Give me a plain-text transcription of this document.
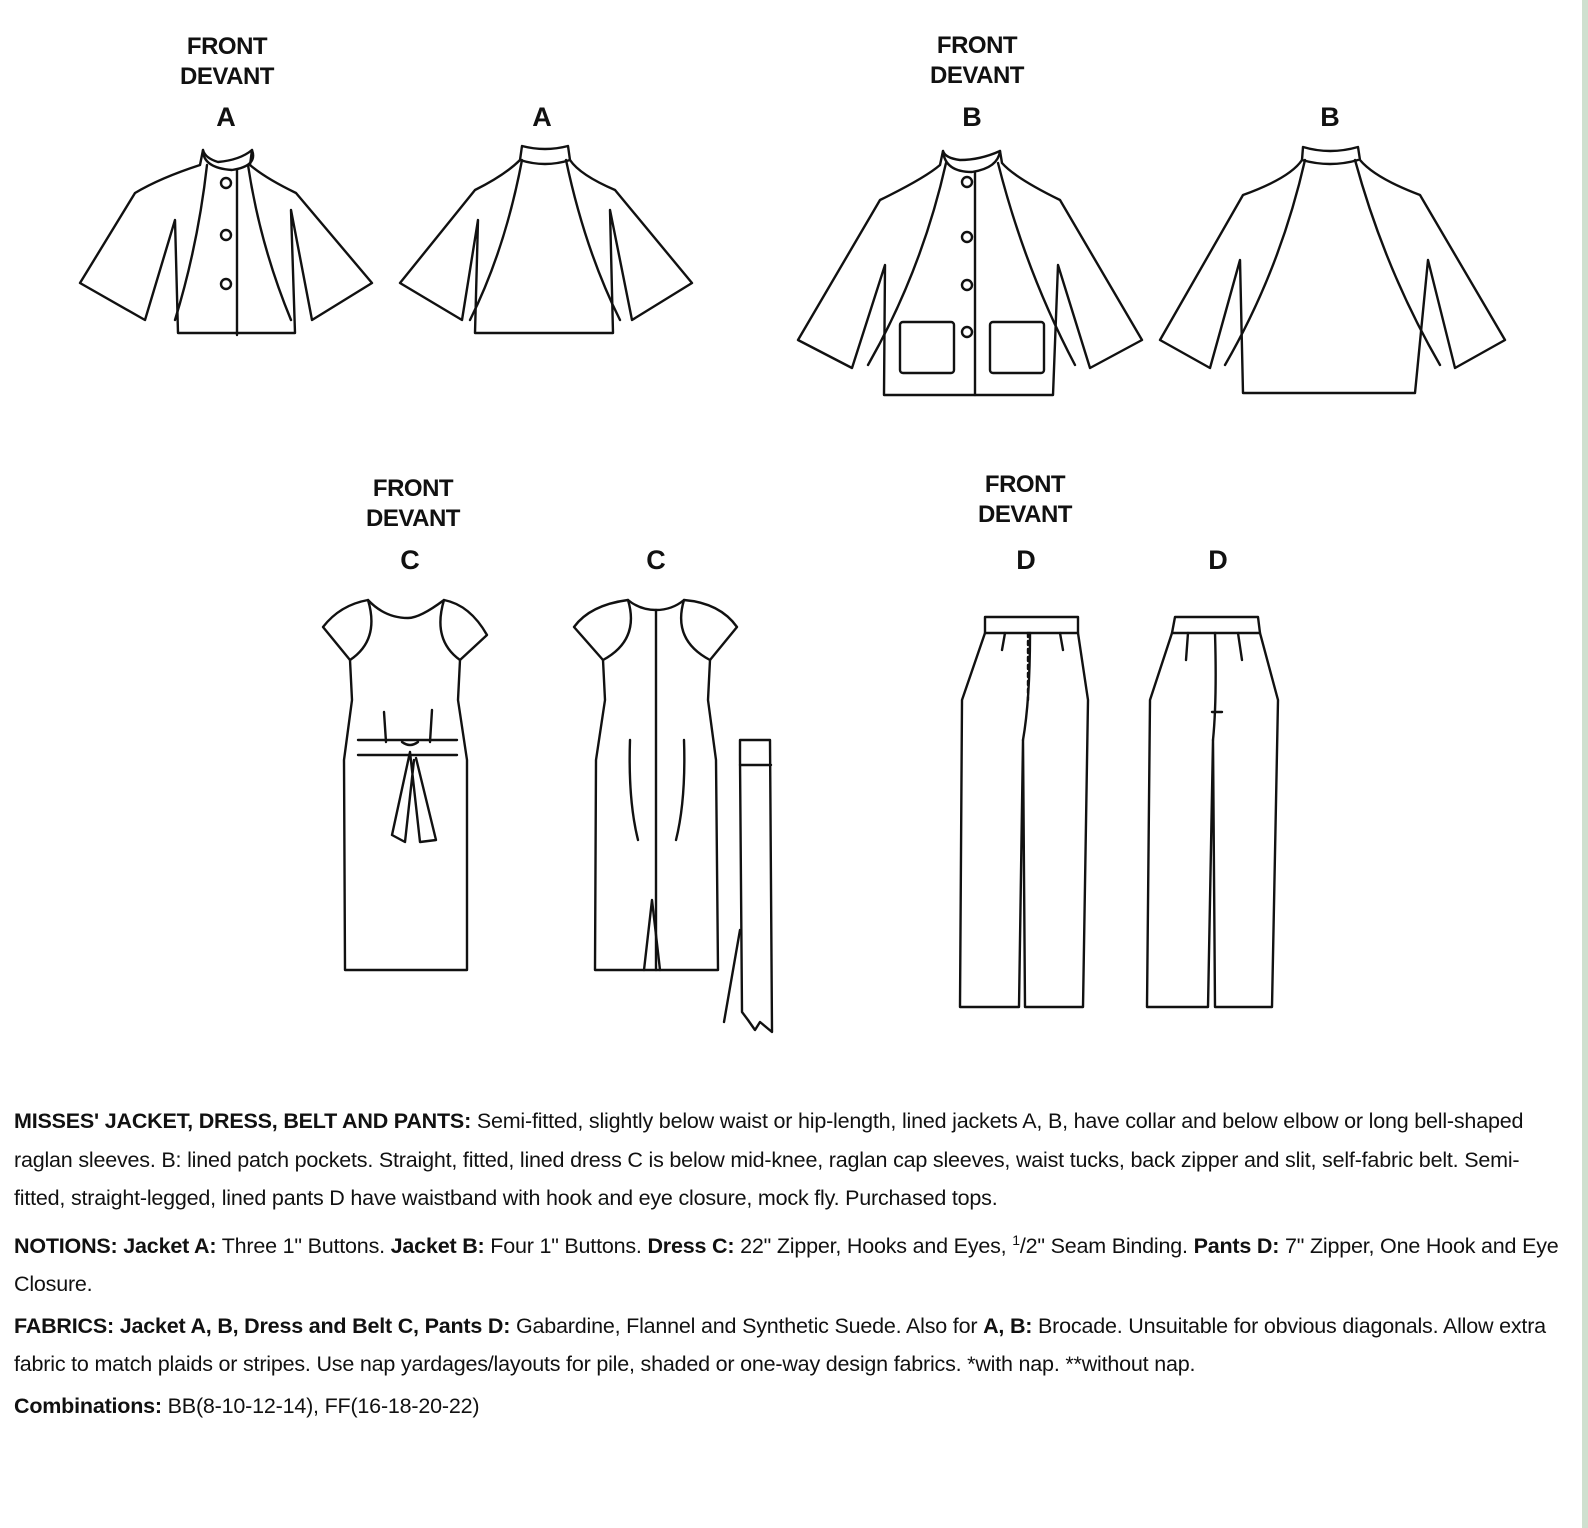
FRONT
DEVANT
A	A
FRONT
DEVANT
B	B
FRONT
DEVANT
C	C
FRONT
DEVANT
D	D

MISSES' JACKET, DRESS, BELT AND PANTS: Semi-fitted, slightly below waist or hip-length, lined jackets A, B, have collar and below elbow or long bell-shaped raglan sleeves. B: lined patch pockets. Straight, fitted, lined dress C is below mid-knee, raglan cap sleeves, waist tucks, back zipper and slit, self-fabric belt. Semi-fitted, straight-legged, lined pants D have waistband with hook and eye closure, mock fly. Purchased tops.

NOTIONS: Jacket A: Three 1" Buttons. Jacket B: Four 1" Buttons. Dress C: 22" Zipper, Hooks and Eyes, $^1$/2" Seam Binding. Pants D: 7" Zipper, One Hook and Eye Closure.

FABRICS: Jacket A, B, Dress and Belt C, Pants D: Gabardine, Flannel and Synthetic Suede. Also for A, B: Brocade. Unsuitable for obvious diagonals. Allow extra fabric to match plaids or stripes. Use nap yardages/layouts for pile, shaded or one-way design fabrics. *with nap. **without nap.

Combinations: BB(8-10-12-14), FF(16-18-20-22)
